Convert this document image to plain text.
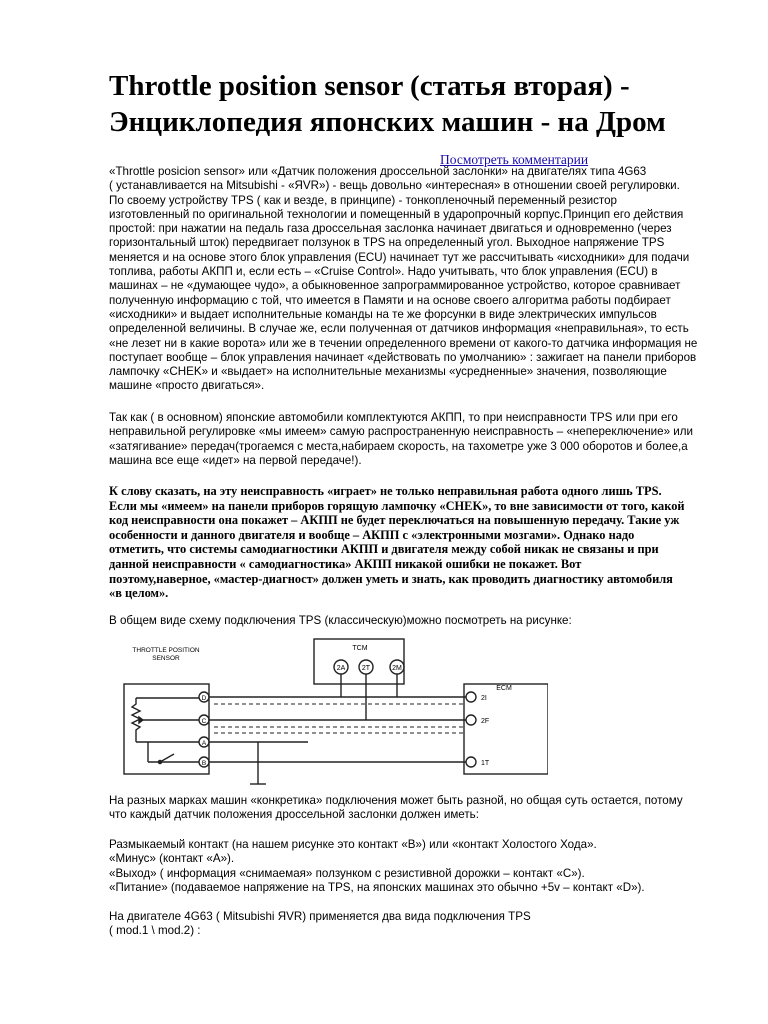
Throttle position sensor (статья вторая) -
Энциклопедия японских машин - на Дром
Посмотреть комментарии
«Throttle posicion sensor» или «Датчик положения дроссельной заслонки» на двигателях типа 4G63
( устанавливается на Mitsubishi - «ЯVR») - вещь довольно «интересная» в отношении своей регулировки.
По своему устройству TPS ( как и везде, в принципе) - тонкопленочный переменный резистор
изготовленный по оригинальной технологии и помещенный в ударопрочный корпус.Принцип его действия
простой: при нажатии на педаль газа дроссельная заслонка начинает двигаться и одновременно (через
горизонтальный шток) передвигает ползунок в TPS на определенный угол. Выходное напряжение TPS
меняется и на основе этого блок управления (ECU) начинает тут же рассчитывать «исходники» для подачи
топлива, работы АКПП и, если есть – «Cruise Control». Надо учитывать, что блок управления (ECU) в
машинах – не «думающее чудо», а обыкновенное запрограммированное устройство, которое сравнивает
полученную информацию с той, что имеется в Памяти и на основе своего алгоритма работы подбирает
«исходники» и выдает исполнительные команды на те же форсунки в виде электрических импульсов
определенной величины. В случае же, если полученная от датчиков информация «неправильная», то есть
«не лезет ни в какие ворота» или же в течении определенного времени от какого-то датчика информация не
поступает вообще – блок управления начинает «действовать по умолчанию» : зажигает на панели приборов
лампочку «CHEK» и «выдает» на исполнительные механизмы «усредненные» значения, позволяющие
машине «просто двигаться».
Так как ( в основном) японские автомобили комплектуются АКПП, то при неисправности TPS или при его
неправильной регулировке «мы имеем» самую распространенную неисправность – «непереключение» или
«затягивание» передач(трогаемся с места,набираем скорость, на тахометре уже 3 000 оборотов и более,а
машина все еще «идет» на первой передаче!).
К слову сказать, на эту неисправность «играет» не только неправильная работа одного лишь TPS.
Если мы «имеем» на панели приборов горящую лампочку «CHEK», то вне зависимости от того, какой
код неисправности она покажет – АКПП не будет переключаться на повышенную передачу. Такие уж
особенности и данного двигателя и вообще – АКПП с «электронными мозгами». Однако надо
отметить, что системы самодиагностики АКПП и двигателя между собой никак не связаны и при
данной неисправности « самодиагностика» АКПП никакой ошибки не покажет. Вот
поэтому,наверное, «мастер-диагност» должен уметь и знать, как проводить диагностику автомобиля
«в целом».
В общем виде схему подключения TPS (классическую)можно посмотреть на рисунке:
THROTTLE POSITION
SENSOR
TCM
ECM
2A 2T	2M
2I
2F
1T
D
C
A
B
На разных марках машин «конкретика» подключения может быть разной, но общая суть остается, потому
что каждый датчик положения дроссельной заслонки должен иметь:
Размыкаемый контакт (на нашем рисунке это контакт «В») или «контакт Холостого Хода».
«Минус» (контакт «А»).
«Выход» ( информация «снимаемая» ползунком с резистивной дорожки – контакт «С»).
«Питание» (подаваемое напряжение на TPS, на японских машинах это обычно +5v – контакт «D»).
На двигателе 4G63 ( Mitsubishi ЯVR) применяется два вида подключения TPS
( mod.1 \ mod.2) :
